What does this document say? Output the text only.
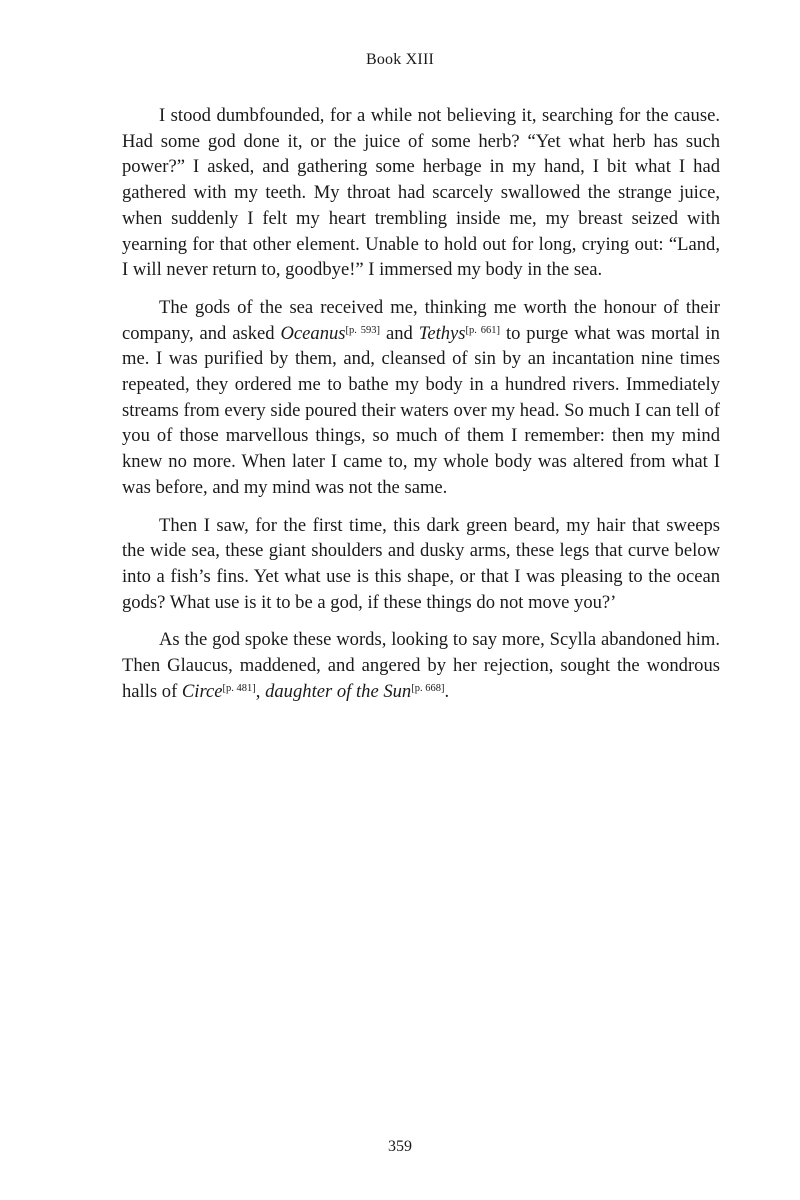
Book XIII

I stood dumbfounded, for a while not believing it, searching for the cause. Had some god done it, or the juice of some herb? “Yet what herb has such power?” I asked, and gathering some herbage in my hand, I bit what I had gathered with my teeth. My throat had scarcely swallowed the strange juice, when suddenly I felt my heart trembling inside me, my breast seized with yearning for that other element. Unable to hold out for long, crying out: “Land, I will never return to, goodbye!” I immersed my body in the sea.

The gods of the sea received me, thinking me worth the honour of their company, and asked Oceanus[p. 593] and Tethys[p. 661] to purge what was mortal in me. I was purified by them, and, cleansed of sin by an incantation nine times repeated, they ordered me to bathe my body in a hundred rivers. Immediately streams from every side poured their waters over my head. So much I can tell of you of those marvellous things, so much of them I remember: then my mind knew no more. When later I came to, my whole body was altered from what I was before, and my mind was not the same.

Then I saw, for the first time, this dark green beard, my hair that sweeps the wide sea, these giant shoulders and dusky arms, these legs that curve below into a fish’s fins. Yet what use is this shape, or that I was pleasing to the ocean gods? What use is it to be a god, if these things do not move you?’

As the god spoke these words, looking to say more, Scylla abandoned him. Then Glaucus, maddened, and angered by her rejection, sought the wondrous halls of Circe[p. 481], daughter of the Sun[p. 668].

359
